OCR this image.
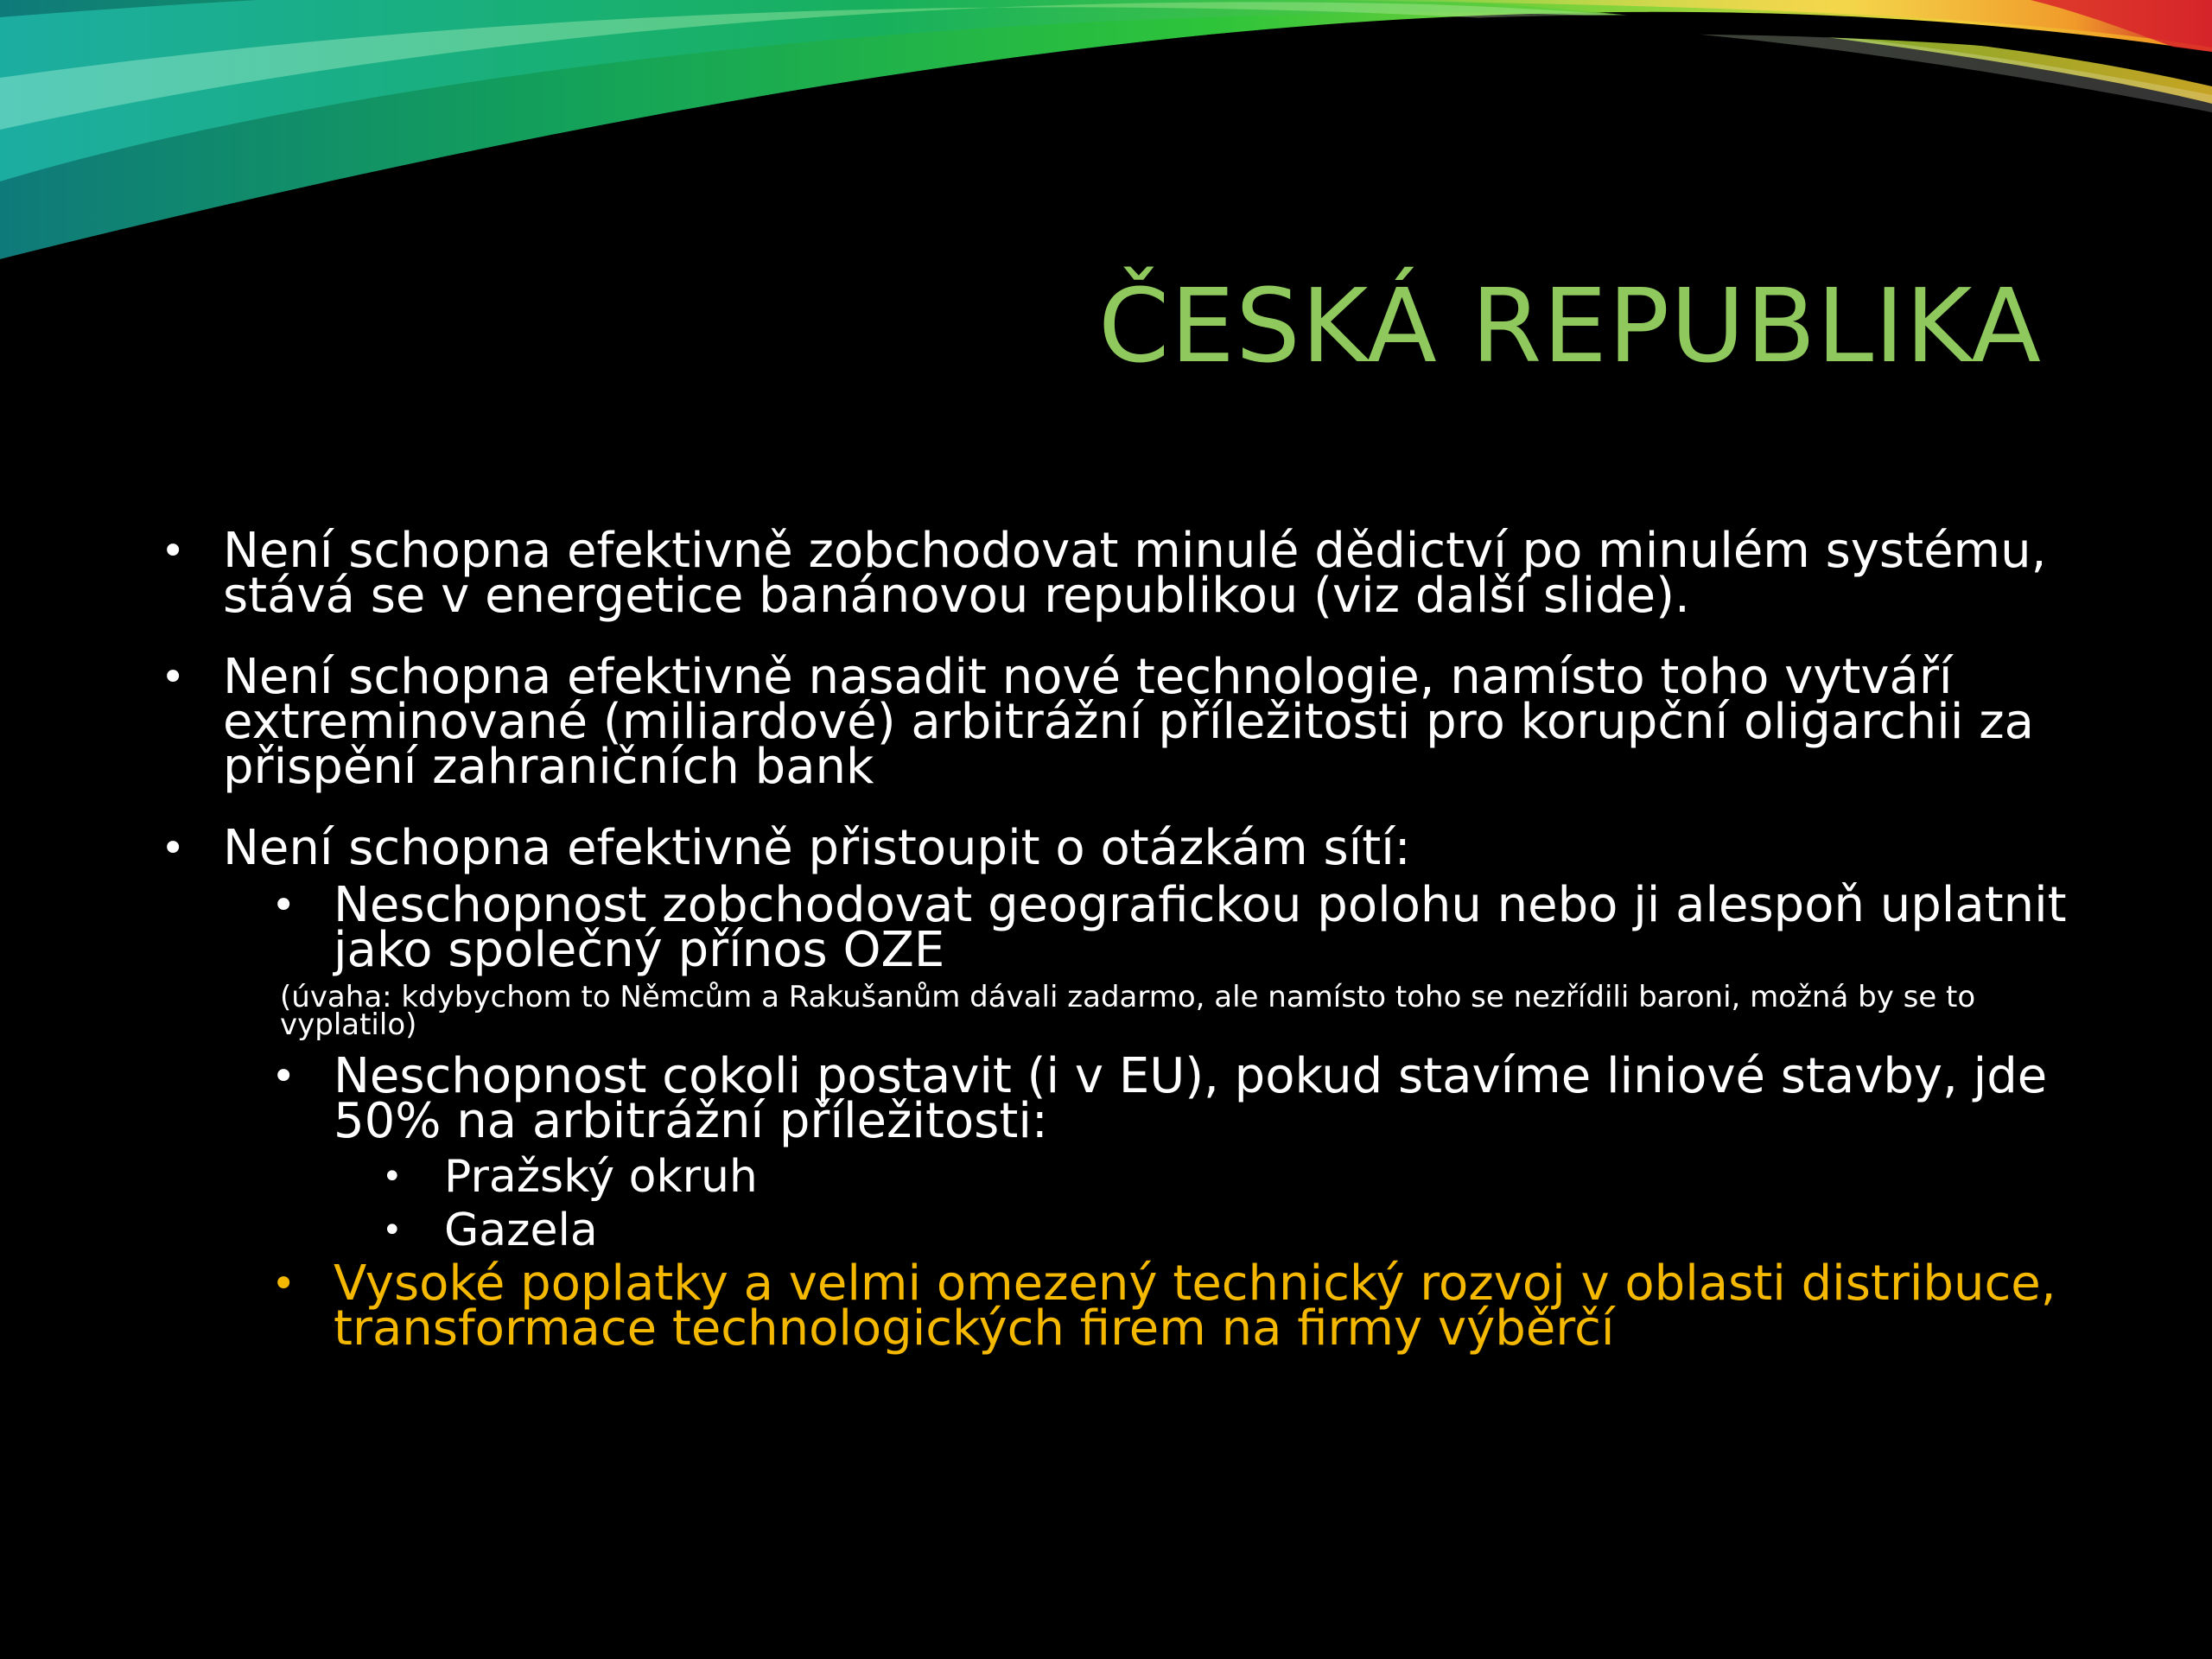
ČESKÁ REPUBLIKA
• Není schopna efektivně zobchodovat minulé dědictví po minulém systému, stává se v energetice banánovou republikou (viz další slide).
• Není schopna efektivně nasadit nové technologie, namísto toho vytváří extreminované (miliardové) arbitrážní příležitosti pro korupční oligarchii za přispění zahraničních bank
• Není schopna efektivně přistoupit o otázkám sítí:
• Neschopnost zobchodovat geografickou polohu nebo ji alespoň uplatnit jako společný přínos OZE
(úvaha: kdybychom to Němcům a Rakušanům dávali zadarmo, ale namísto toho se nezřídili baroni, možná by se to vyplatilo)
• Neschopnost cokoli postavit (i v EU), pokud stavíme liniové stavby, jde 50% na arbitrážní příležitosti:
• Pražský okruh
• Gazela
• Vysoké poplatky a velmi omezený technický rozvoj v oblasti distribuce, transformace technologických firem na firmy výběrčí
